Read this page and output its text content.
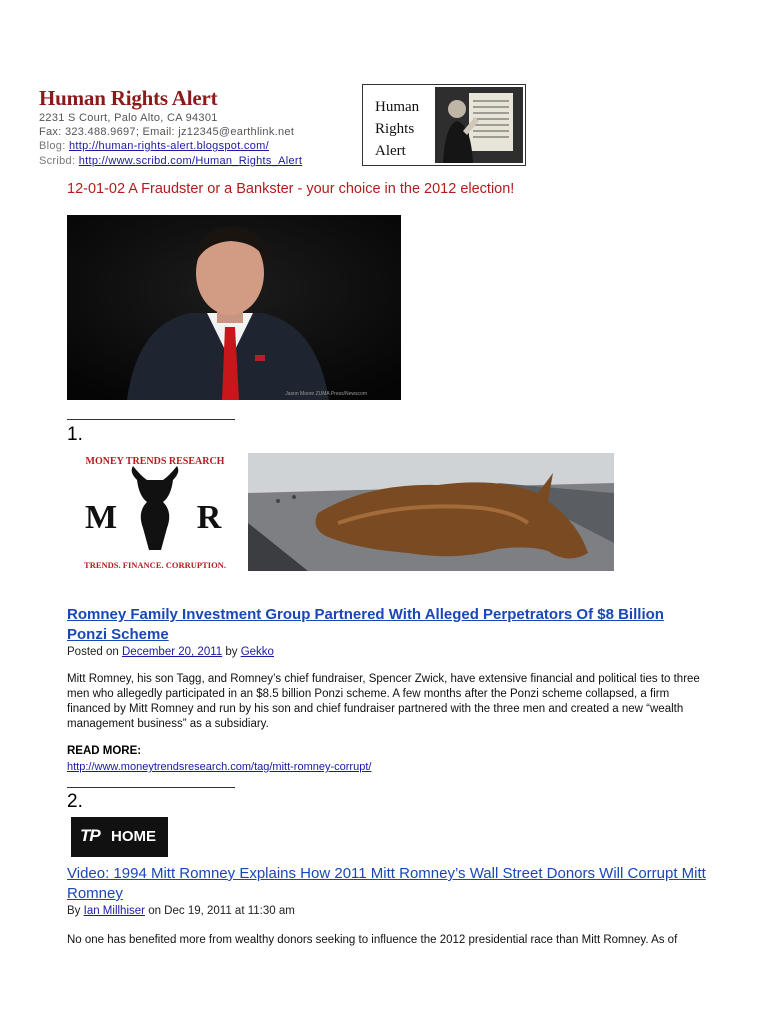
Human Rights Alert
2231 S Court, Palo Alto, CA 94301
Fax: 323.488.9697; Email: jz12345@earthlink.net
Blog: http://human-rights-alert.blogspot.com/
Scribd: http://www.scribd.com/Human_Rights_Alert
Human
Rights
Alert
12-01-02 A Fraudster or a Bankster - your choice in the 2012 election!
Jason Moore ZUMA Press/Newscom
1.
MONEY TRENDS RESEARCH
M R
TRENDS. FINANCE. CORRUPTION.
Romney Family Investment Group Partnered With Alleged Perpetrators Of $8 Billion Ponzi Scheme
Posted on December 20, 2011 by Gekko
Mitt Romney, his son Tagg, and Romney’s chief fundraiser, Spencer Zwick, have extensive financial and political ties to three men who allegedly participated in an $8.5 billion Ponzi scheme. A few months after the Ponzi scheme collapsed, a firm financed by Mitt Romney and run by his son and chief fundraiser partnered with the three men and created a new “wealth management business” as a subsidiary.
READ MORE:
http://www.moneytrendsresearch.com/tag/mitt-romney-corrupt/
2.
TP HOME
Video: 1994 Mitt Romney Explains How 2011 Mitt Romney’s Wall Street Donors Will Corrupt Mitt Romney
By Ian Millhiser on Dec 19, 2011 at 11:30 am
No one has benefited more from wealthy donors seeking to influence the 2012 presidential race than Mitt Romney. As of
